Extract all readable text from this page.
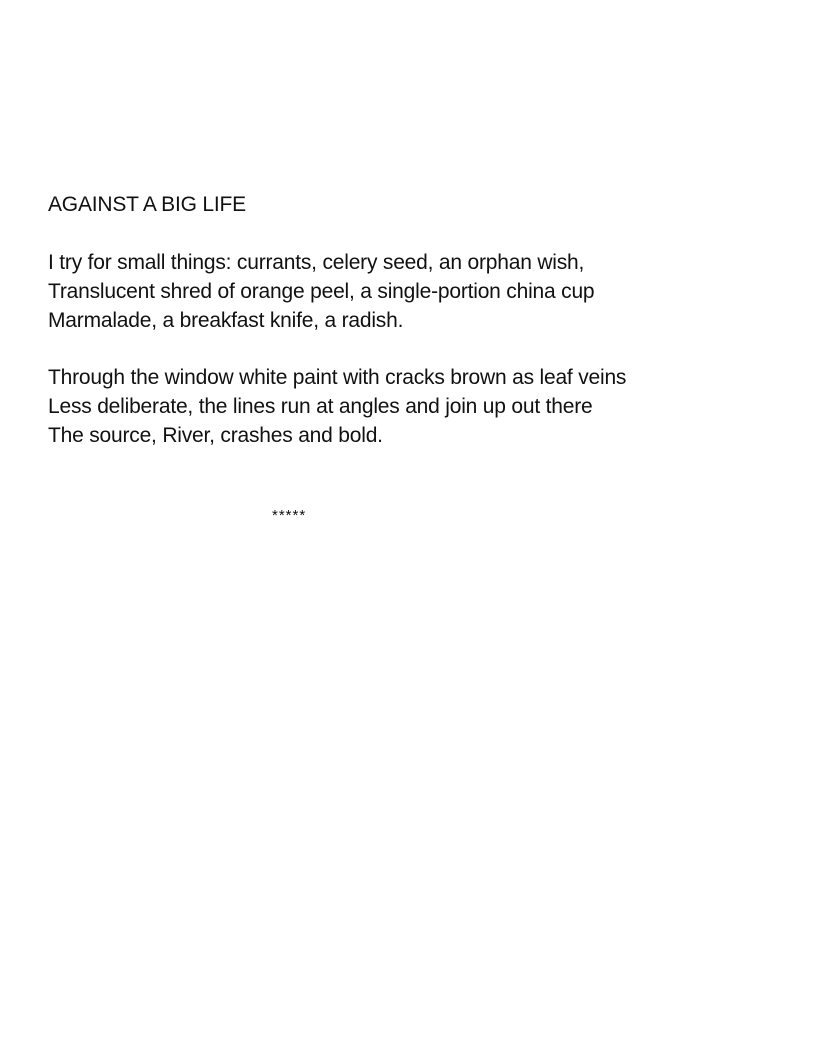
AGAINST A BIG LIFE
I try for small things: currants, celery seed, an orphan wish,
Translucent shred of orange peel, a single-portion china cup
Marmalade, a breakfast knife, a radish.
Through the window white paint with cracks brown as leaf veins
Less deliberate, the lines run at angles and join up out there
The source, River, crashes and bold.
*****
